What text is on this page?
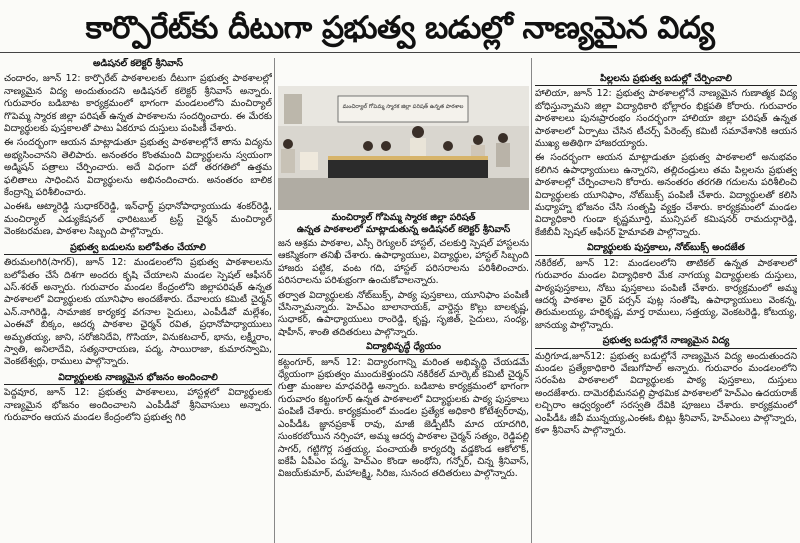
కార్పొరేట్‌కు దీటుగా ప్రభుత్వ బడుల్లో నాణ్యమైన విద్య
అడిషనల్ కలెక్టర్ శ్రీనివాస్

చందారం, జూన్ 12: కార్పొరేట్ పాఠశాలలకు దీటుగా ప్రభుత్వ పాఠశాలల్లో నాణ్యమైన విద్య అందుతుందని అడిషనల్ కలెక్టర్ శ్రీనివాస్ అన్నారు. గురువారం బడిబాట కార్యక్రమంలో భాగంగా మండలంలోని మంచిర్యాల్ గొపెమ్మ స్మారక జిల్లా పరిషత్ ఉన్నత పాఠశాలను సందర్శించారు. ఈ మేరకు విద్యార్థులకు పుస్తకాలతో పాటు ఏకరూప దుస్తులు పంపిణీ చేశారు.

ఈ సందర్భంగా ఆయన మాట్లాడుతూ ప్రభుత్వ పాఠశాలల్లోనే తాను విద్యను అభ్యసించానని తెలిపారు. అనంతరం కొంతమంది విద్యార్థులను స్వయంగా అడ్మిషన్ పత్రాలు చేర్పించారు. అదే విధంగా పదో తరగతిలో ఉత్తమ ఫలితాలు సాధించిన విద్యార్థులను అభినందించారు. అనంతరం బాలిక కేంద్రాన్ని పరిశీలించారు.

ఎంఈఓ ఆట్మారెడ్డి సుధాకర్‌రెడ్డి, ఇన్‌ఛార్జ్ ప్రధానోపాధ్యాయుడు శంకర్‌రెడ్డి, మంచిర్యాల్ ఎడ్యుకేషనల్ ఛారిటబుల్ ట్రస్ట్ చైర్మన్ మంచిర్యాల్ వెంకటరమణ, పాఠశాల సిబ్బంది పాల్గొన్నారు.

ప్రభుత్వ బడులను బలోపేతం చేయాలి

తిరుమలగిరి(సాగర్), జూన్ 12: మండలంలోని ప్రభుత్వ పాఠశాలలను బలోపేతం చేసే దిశగా అందరు కృషి చేయాలని మండల స్పెషల్ ఆఫీసర్ ఎస్.శరత్ అన్నారు. గురువారం మండల కేంద్రంలోని జిల్లాపరిషత్ ఉన్నత పాఠశాలలో విద్యార్థులకు యూనిఫాం అందజేశారు. దేవాలయ కమిటీ చైర్మన్ ఎన్.నాగిరెడ్డి, సామాజిక కార్యకర్త వగనాల సైదులు, ఎంపీడీవో మల్లేశం, ఎంఈవో బిక్కం, ఆదర్శ పాఠశాల ఛైర్మన్ రవిత, ప్రధానోపాధ్యాయులు అమృతయ్య, జాని, సరోజినిదేవి, గొసియా, వినుకటచార్, భాను, లక్ష్మీరాం, స్వాతి, అనిలాదేవి, సత్యనారాయణ, పద్మ, సాయిరాజా, కుమారస్వామి, వెంకటేశ్వర్లు, రాములు పాల్గొన్నారు.

విద్యార్థులకు నాణ్యమైన భోజనం అందించాలి

పెద్దవూర, జూన్ 12: ప్రభుత్వ పాఠశాలలు, హాస్టళ్లలో విద్యార్థులకు నాణ్యమైన భోజనం అందించాలని ఎంపీడీవో శ్రీనివాసులు అన్నారు. గురువారం ఆయన మండల కేంద్రంలోని ప్రభుత్వ గిరి

మంచిర్యాల్ గోపెమ్మ స్మారక జిల్లా పరిషత్ ఉన్నత పాఠశాల
మంచిర్యాల్ గోపెమ్మ స్మారక జిల్లా పరిషత్
ఉన్నత పాఠశాలలో మాట్లాడుతున్న అడిషనల్ కలెక్టర్ శ్రీనివాస్

జన ఆశ్రమ పాఠశాల, ఎస్సీ రెగ్యులర్ హాస్టల్, చలకుర్తి స్పెషల్ హాస్టలను ఆకస్మికంగా తనిఖీ చేశారు. ఉపాధ్యాయుల, విద్యార్థుల, హాస్టల్ సిబ్బంది హాజరు పట్టిక, వంట గది, హాస్టల్ పరిసరాలను పరిశీలించారు. పరిసరాలను పరిశుభ్రంగా ఉంచుకోవాలన్నారు.

తర్వాత విద్యార్థులకు నోట్‌బుక్స్, పాఠ్య పుస్తకాలు, యూనిఫాం పంపిణీ చేసిన్నామన్నారు. హెచ్ఎం బాలానాయక్, వార్డెన్లు కొల్లు బాలకృష్ణ, సుధాకర్, ఉపాధ్యాయులు రాంరెడ్డి, కృష్ణ, సృజిత్, సైదులు, సంధ్య, షాహీన్, శాంతి తదితరులు పాల్గొన్నారు.

విద్యాభివృద్ధే ధ్యేయం

కట్టంగూర్, జూన్ 12: విద్యారంగాన్ని మరింత అభివృద్ధి చేయడమే ధ్యేయంగా ప్రభుత్వం ముందుకెళ్తుందని నకిరేకల్ మార్కెట్ కమిటీ చైర్మన్ గుత్తా మంజుల మాధవరెడ్డి అన్నారు. బడిబాట కార్యక్రమంలో భాగంగా గురువారం కట్టంగూర్ ఉన్నత పాఠశాలలో విద్యార్థులకు పాఠ్య పుస్తకాలు పంపిణీ చేశారు. కార్యక్రమంలో మండల ప్రత్యేక అధికారి కోటేశ్వర్‌రావు, ఎంపీడీఓ జ్ఞానప్రకాశ్ రావు, మాజీ జెడ్పీటీసీ మాద యాదగిరి, సుంకరబోయిన నర్సింహా, అమ్మ ఆదర్శ పాఠశాల చైర్మన్ సత్యం, రెడ్డిపల్లి సాగర్, గట్టిగొర్ల సత్తయ్య, పంచాయతీ కార్యదర్శి వడ్డకొండ ఆకోలొక్, ఐకేపీ ఏపీఎం పద్మ, హెచ్ఎం కొండా అంథోని, గన్నోర్, చిన్న శ్రీనివాస్, విజయ్‌కుమార్, మహాలక్ష్మి, సిరిజ, సునంద తదితరులు పాల్గొన్నారు.

పిల్లలను ప్రభుత్వ బడుల్లో చేర్పించాలి

హాలియా, జూన్ 12: ప్రభుత్వ పాఠశాలల్లోనే నాణ్యమైన గుణాత్మక విద్య బోధిస్తున్నామని జిల్లా విద్యాధికారి భోల్లారం భిక్షపతి కోరారు. గురువారం పాఠశాలలు పునఃప్రారంభం సందర్భంగా హాలియా జిల్లా పరిషత్ ఉన్నత పాఠశాలలో ఏర్పాటు చేసిన టీచర్స్ పేరెంట్స్ కమిటీ సమావేశానికి ఆయన ముఖ్య అతిథిగా హాజరయ్యారు.

ఈ సందర్భంగా ఆయన మాట్లాడుతూ ప్రభుత్వ పాఠశాలలో అనుభవం కలిగిన ఉపాధ్యాయులు ఉన్నారని, తల్లిదండ్రులు తమ పిల్లలను ప్రభుత్వ పాఠశాలల్లో చేర్పించాలని కోరారు. అనంతరం తరగతి గదులను పరిశీలించి విద్యార్థులకు యూనిఫాం, నోట్‌బుక్స్ పంపిణీ చేశారు. విద్యార్థులతో కలిసి మధ్యాహ్న భోజనం చేసి సంతృప్తి వ్యక్తం చేశారు. కార్యక్రమంలో మండల విద్యాధికారి గుండా కృష్ణమూర్తి, మున్సిపల్ కమిషనర్ రామదుర్గారెడ్డి, కేజీబీవీ స్పెషల్ ఆఫీసర్ హైమావతి పాల్గొన్నారు.

విద్యార్థులకు పుస్తకాలు, నోట్‌బుక్స్ అందజేత

నకిరేకల్, జూన్ 12: మండలంలోని తాటికల్ ఉన్నత పాఠశాలలో గురువారం మండల విద్యాధికారి మేక నాగయ్య విద్యార్థులకు దుస్తులు, పాఠ్యపుస్తకాలు, నోటు పుస్తకాలు పంపిణీ చేశారు. కార్యక్రమంలో అమ్మ ఆదర్శ పాఠశాల ఛైర్ పర్సన్ పుట్ల సంతోషి, ఉపాధ్యాయులు వెంకన్న, తిరుమలయ్య, హరికృష్ణ, మార్త రాములు, సత్తయ్య, వెంకటరెడ్డి, కోటయ్య, జానయ్య పాల్గొన్నారు.

ప్రభుత్వ బడుల్లోనే నాణ్యమైన విద్య

మర్రిగూడ,జూన్12: ప్రభుత్వ బడుల్లోనే నాణ్యమైన విద్య అందుతుందని మండల ప్రత్యేకాధికారి వేణుగోపాల్ అన్నారు. గురువారం మండలంలోని సరంపేట పాఠశాలలో విద్యార్థులకు పాఠ్య పుస్తకాలు, దుస్తులు అందజేశారు. దామెరభీమనపల్లి ప్రాథమిక పాఠశాలలో హెచ్ఎం ఉదయరాజ్ లచ్చిరాం ఆధ్వర్యంలో సరస్వతి దేవికి పూజలు చేశారు. కార్యక్రమంలో ఎంపీడీఓ జీవీ మున్నయ్య,ఎంఈఓ బిట్లు శ్రీనివాస్, హెచ్ఎంలు పాల్గొన్నారు, కళా శ్రీనివాస్ పాల్గొన్నారు.
